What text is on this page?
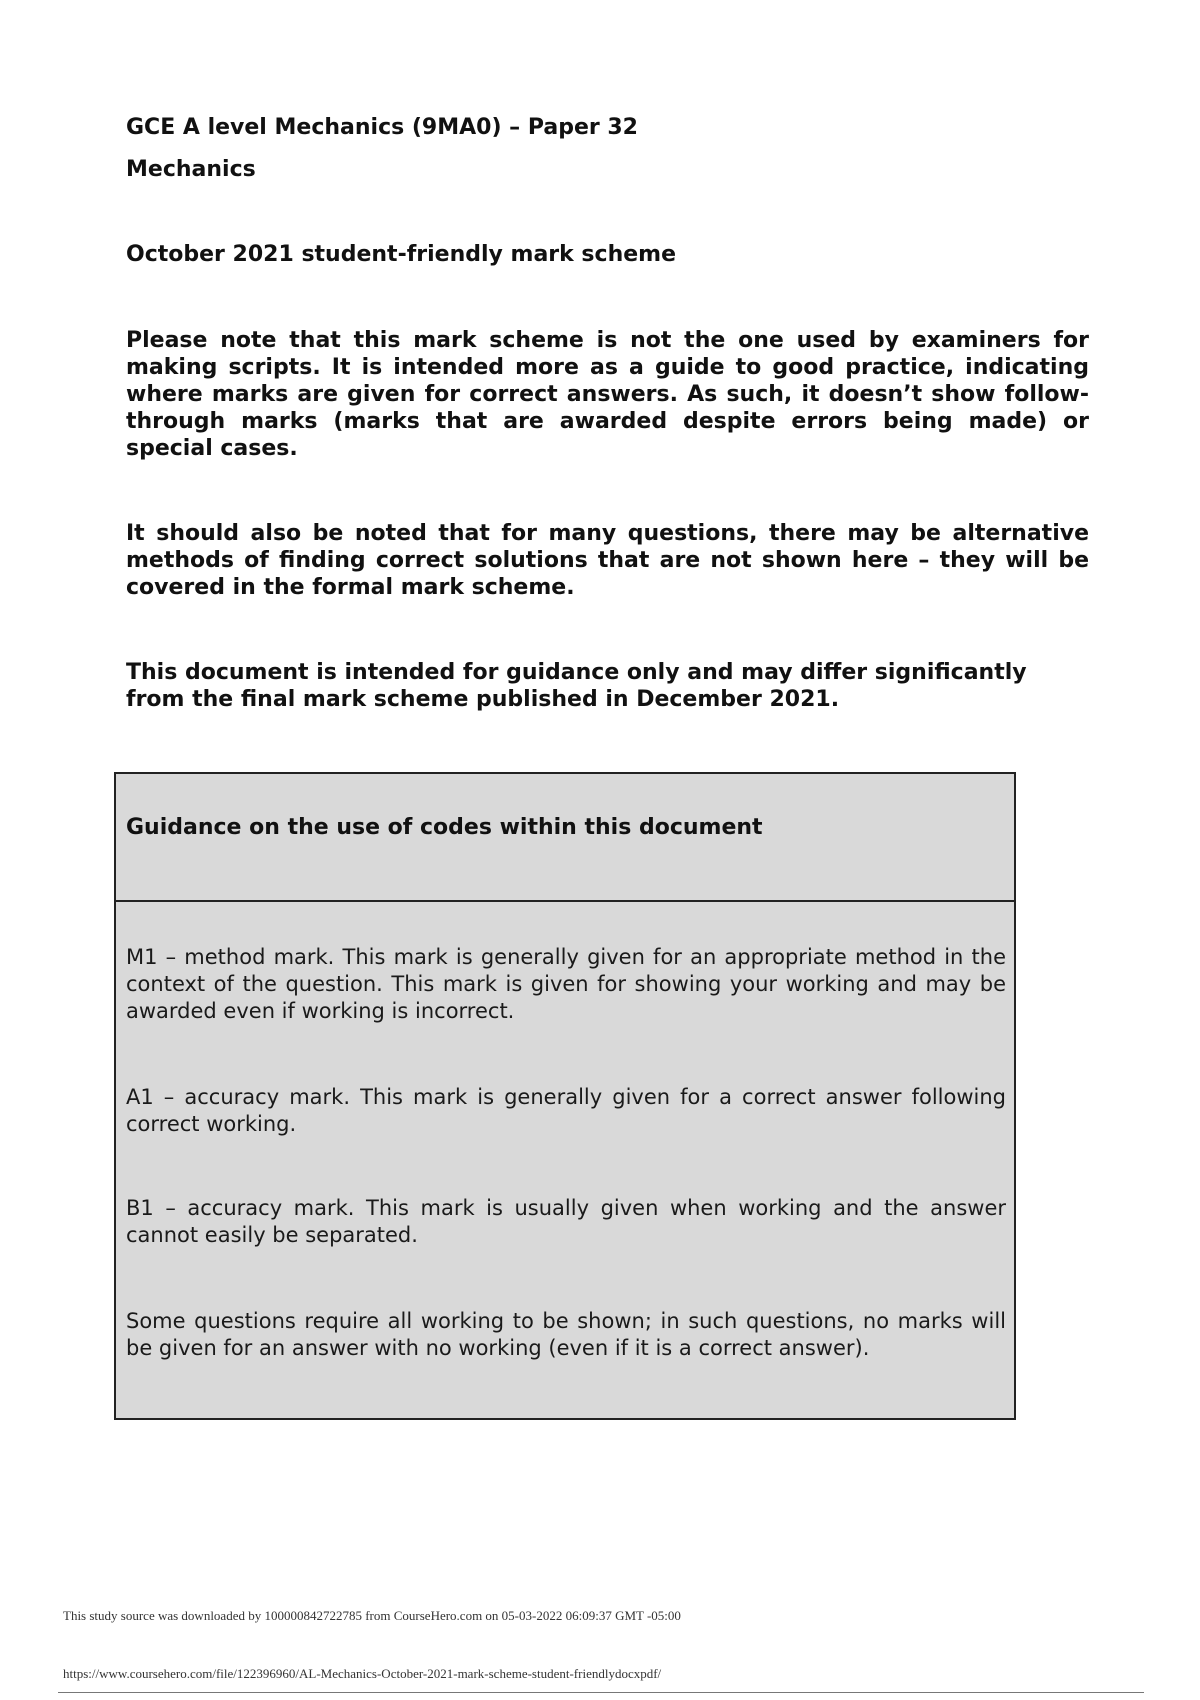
GCE A level Mechanics (9MA0) – Paper 32

Mechanics

October 2021 student-friendly mark scheme

Please note that this mark scheme is not the one used by examiners for making scripts. It is intended more as a guide to good practice, indicating where marks are given for correct answers. As such, it doesn’t show follow-through marks (marks that are awarded despite errors being made) or special cases.

It should also be noted that for many questions, there may be alternative methods of finding correct solutions that are not shown here – they will be covered in the formal mark scheme.

This document is intended for guidance only and may differ significantly from the final mark scheme published in December 2021.

Guidance on the use of codes within this document

M1 – method mark. This mark is generally given for an appropriate method in the context of the question. This mark is given for showing your working and may be awarded even if working is incorrect.

A1 – accuracy mark. This mark is generally given for a correct answer following correct working.

B1 – accuracy mark. This mark is usually given when working and the answer cannot easily be separated.

Some questions require all working to be shown; in such questions, no marks will be given for an answer with no working (even if it is a correct answer).

This study source was downloaded by 100000842722785 from CourseHero.com on 05-03-2022 06:09:37 GMT -05:00

https://www.coursehero.com/file/122396960/AL-Mechanics-October-2021-mark-scheme-student-friendlydocxpdf/
